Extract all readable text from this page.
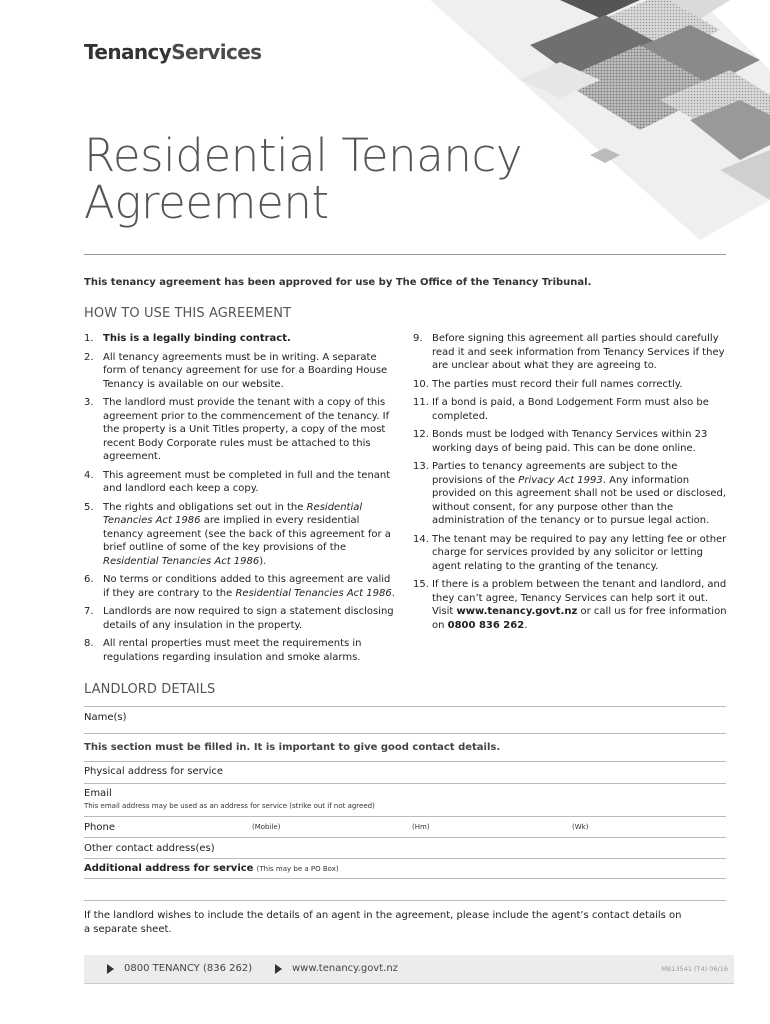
TenancyServices
Residential Tenancy
Agreement
This tenancy agreement has been approved for use by The Office of the Tenancy Tribunal.
HOW TO USE THIS AGREEMENT
1. This is a legally binding contract.
2. All tenancy agreements must be in writing. A separate form of tenancy agreement for use for a Boarding House Tenancy is available on our website.
3. The landlord must provide the tenant with a copy of this agreement prior to the commencement of the tenancy. If the property is a Unit Titles property, a copy of the most recent Body Corporate rules must be attached to this agreement.
4. This agreement must be completed in full and the tenant and landlord each keep a copy.
5. The rights and obligations set out in the Residential Tenancies Act 1986 are implied in every residential tenancy agreement (see the back of this agreement for a brief outline of some of the key provisions of the Residential Tenancies Act 1986).
6. No terms or conditions added to this agreement are valid if they are contrary to the Residential Tenancies Act 1986.
7. Landlords are now required to sign a statement disclosing details of any insulation in the property.
8. All rental properties must meet the requirements in regulations regarding insulation and smoke alarms.
9. Before signing this agreement all parties should carefully read it and seek information from Tenancy Services if they are unclear about what they are agreeing to.
10. The parties must record their full names correctly.
11. If a bond is paid, a Bond Lodgement Form must also be completed.
12. Bonds must be lodged with Tenancy Services within 23 working days of being paid. This can be done online.
13. Parties to tenancy agreements are subject to the provisions of the Privacy Act 1993. Any information provided on this agreement shall not be used or disclosed, without consent, for any purpose other than the administration of the tenancy or to pursue legal action.
14. The tenant may be required to pay any letting fee or other charge for services provided by any solicitor or letting agent relating to the granting of the tenancy.
15. If there is a problem between the tenant and landlord, and they can’t agree, Tenancy Services can help sort it out. Visit www.tenancy.govt.nz or call us for free information on 0800 836 262.
LANDLORD DETAILS
Name(s)
This section must be filled in. It is important to give good contact details.
Physical address for service
Email
This email address may be used as an address for service (strike out if not agreed)
Phone	(Mobile)	(Hm)	(Wk)
Other contact address(es)
Additional address for service (This may be a PO Box)
If the landlord wishes to include the details of an agent in the agreement, please include the agent’s contact details on a separate sheet.
0800 TENANCY (836 262)	www.tenancy.govt.nz	MB13541 (T4) 06/16
